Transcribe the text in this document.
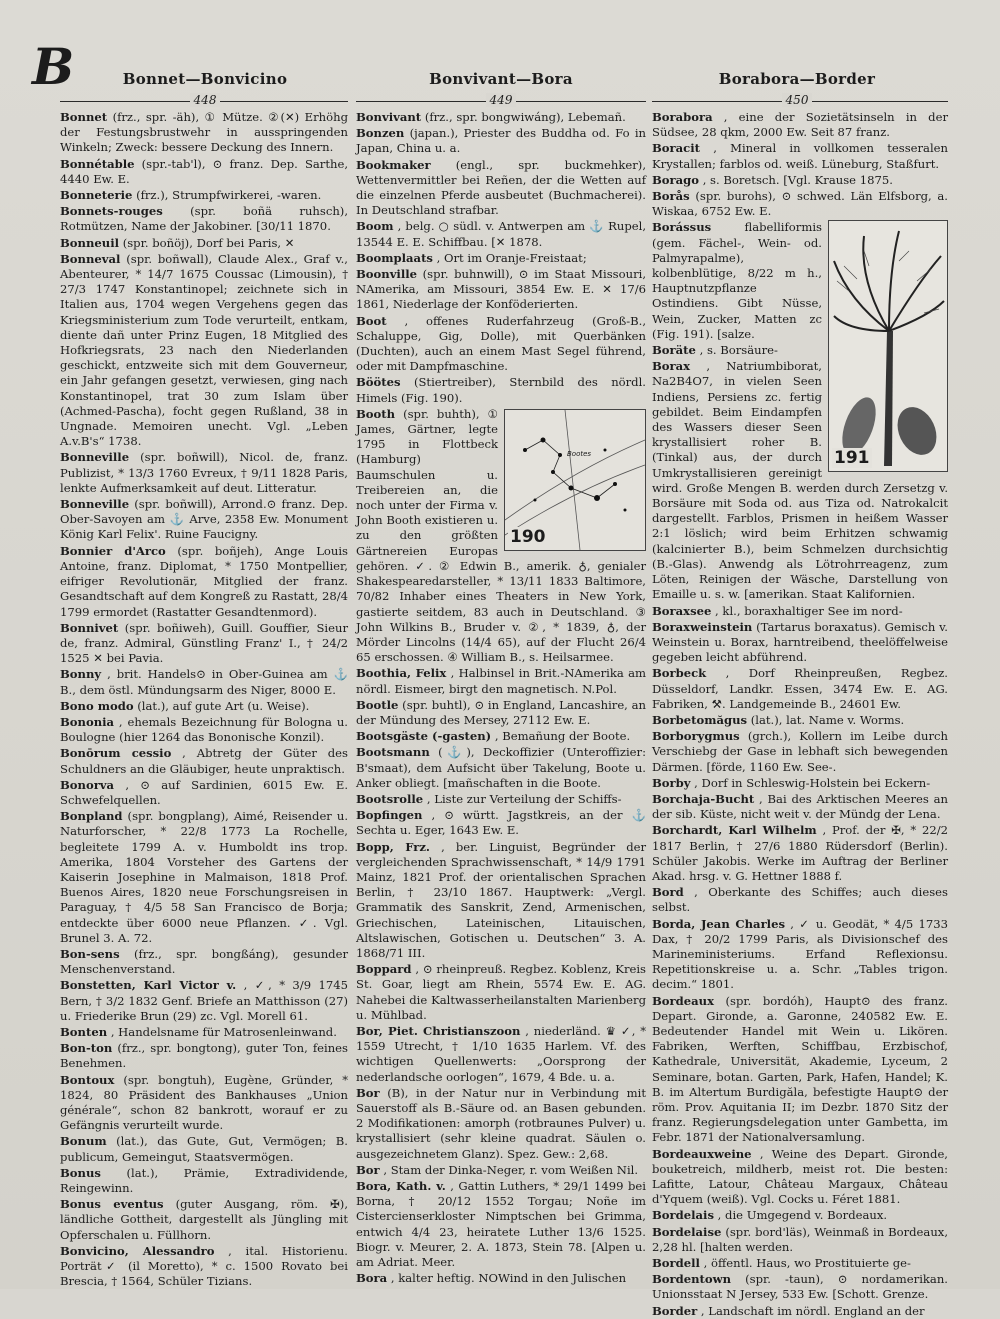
B	Bonnet—Bonvicino	Bonvivant—Bora	Borabora—Border
448	449	450

Bonnet (frz., spr. -äh), ① Mütze. ②(✕) Erhöhg der Festungsbrustwehr in ausspringenden Winkeln; Zweck: bessere Deckung des Innern.

Bonnétable (spr.-tab'l), ⊙ franz. Dep. Sarthe, 4440 Ew. E.

Bonneterie (frz.), Strumpfwirkerei, -waren.

Bonnets-rouges (spr. boñä ruhsch), Rotmützen, Name der Jakobiner. [30/11 1870.

Bonneuil (spr. boñöj), Dorf bei Paris, ✕

Bonneval (spr. boñwall), Claude Alex., Graf v., Abenteurer, * 14/7 1675 Coussac (Limousin), † 27/3 1747 Konstantinopel; zeichnete sich in Italien aus, 1704 wegen Vergehens gegen das Kriegsministerium zum Tode verurteilt, entkam, diente dañ unter Prinz Eugen, 18 Mitglied des Hofkriegsrats, 23 nach den Niederlanden geschickt, entzweite sich mit dem Gouverneur, ein Jahr gefangen gesetzt, verwiesen, ging nach Konstantinopel, trat 30 zum Islam über (Achmed-Pascha), focht gegen Rußland, 38 in Ungnade. Memoiren unecht. Vgl. „Leben A.v.B's“ 1738.

Bonneville (spr. boñwill), Nicol. de, franz. Publizist, * 13/3 1760 Evreux, † 9/11 1828 Paris, lenkte Aufmerksamkeit auf deut. Litteratur.

Bonneville (spr. boñwill), Arrond.⊙ franz. Dep. Ober-Savoyen am ⚓ Arve, 2358 Ew. Monument König Karl Felix'. Ruine Faucigny.

Bonnier d'Arco (spr. boñjeh), Ange Louis Antoine, franz. Diplomat, * 1750 Montpellier, eifriger Revolutionär, Mitglied der franz. Gesandtschaft auf dem Kongreß zu Rastatt, 28/4 1799 ermordet (Rastatter Gesandtenmord).

Bonnivet (spr. boñiweh), Guill. Gouffier, Sieur de, franz. Admiral, Günstling Franz' I., † 24/2 1525 ✕ bei Pavia.

Bonny , brit. Handels⊙ in Ober-Guinea am ⚓ B., dem östl. Mündungsarm des Niger, 8000 E.

Bono modo (lat.), auf gute Art (u. Weise).

Bononia , ehemals Bezeichnung für Bologna u. Boulogne (hier 1264 das Bononische Konzil).

Bonōrum cessio , Abtretg der Güter des Schuldners an die Gläubiger, heute unpraktisch.

Bonorva , ⊙ auf Sardinien, 6015 Ew. E. Schwefelquellen.

Bonpland (spr. bongplang), Aimé, Reisender u. Naturforscher, * 22/8 1773 La Rochelle, begleitete 1799 A. v. Humboldt ins trop. Amerika, 1804 Vorsteher des Gartens der Kaiserin Josephine in Malmaison, 1818 Prof. Buenos Aires, 1820 neue Forschungsreisen in Paraguay, † 4/5 58 San Francisco de Borja; entdeckte über 6000 neue Pflanzen. ✓. Vgl. Brunel 3. A. 72.

Bon-sens (frz., spr. bongßáng), gesunder Menschenverstand.

Bonstetten, Karl Victor v. , ✓, * 3/9 1745 Bern, † 3/2 1832 Genf. Briefe an Matthisson (27) u. Friederike Brun (29) zc. Vgl. Morell 61.

Bonten , Handelsname für Matrosenleinwand.

Bon-ton (frz., spr. bongtong), guter Ton, feines Benehmen.

Bontoux (spr. bongtuh), Eugène, Gründer, * 1824, 80 Präsident des Bankhauses „Union générale“, schon 82 bankrott, worauf er zu Gefängnis verurteilt wurde.

Bonum (lat.), das Gute, Gut, Vermögen; B. publicum, Gemeingut, Staatsvermögen.

Bonus (lat.), Prämie, Extradividende, Reingewinn.

Bonus eventus (guter Ausgang, röm. ✠), ländliche Gottheit, dargestellt als Jüngling mit Opferschalen u. Füllhorn.

Bonvicino, Alessandro , ital. Historienu. Porträt✓ (il Moretto), * c. 1500 Rovato bei Brescia, † 1564, Schüler Tizians.

Bonvivant (frz., spr. bongwiwáng), Lebemañ.

Bonzen (japan.), Priester des Buddha od. Fo in Japan, China u. a.

Bookmaker (engl., spr. buckmehker), Wettenvermittler bei Reñen, der die Wetten auf die einzelnen Pferde ausbeutet (Buchmacherei). In Deutschland strafbar.

Boom , belg. ○ südl. v. Antwerpen am ⚓ Rupel, 13544 E. E. Schiffbau. [✕ 1878.

Boomplaats , Ort im Oranje-Freistaat;

Boonville (spr. buhnwill), ⊙ im Staat Missouri, NAmerika, am Missouri, 3854 Ew. E. ✕ 17/6 1861, Niederlage der Konföderierten.

Boot , offenes Ruderfahrzeug (Groß-B., Schaluppe, Gig, Dolle), mit Querbänken (Duchten), auch an einem Mast Segel führend, oder mit Dampfmaschine.

Böötes (Stiertreiber), Sternbild des nördl. Himels (Fig. 190).

Bootes
190

Booth (spr. buhth), ① James, Gärtner, legte 1795 in Flottbeck (Hamburg) Baumschulen u. Treibereien an, die noch unter der Firma v. John Booth existieren u. zu den größten Gärtnereien Europas gehören. ✓. ② Edwin B., amerik. ♁, genialer Shakespearedarsteller, * 13/11 1833 Baltimore, 70/82 Inhaber eines Theaters in New York, gastierte seitdem, 83 auch in Deutschland. ③ John Wilkins B., Bruder v. ②, * 1839, ♁, der Mörder Lincolns (14/4 65), auf der Flucht 26/4 65 erschossen. ④ William B., s. Heilsarmee.

Boothia, Felix , Halbinsel in Brit.-NAmerika am nördl. Eismeer, birgt den magnetisch. N.Pol.

Bootle (spr. buhtl), ⊙ in England, Lancashire, an der Mündung des Mersey, 27112 Ew. E.

Bootsgäste (-gasten) , Bemañung der Boote.

Bootsmann (⚓), Deckoffizier (Unteroffizier: B'smaat), dem Aufsicht über Takelung, Boote u. Anker obliegt. [mañschaften in die Boote.

Bootsrolle , Liste zur Verteilung der Schiffs-

Bopfingen , ⊙ württ. Jagstkreis, an der ⚓ Sechta u. Eger, 1643 Ew. E.

Bopp, Frz. , ber. Linguist, Begründer der vergleichenden Sprachwissenschaft, * 14/9 1791 Mainz, 1821 Prof. der orientalischen Sprachen Berlin, † 23/10 1867. Hauptwerk: „Vergl. Grammatik des Sanskrit, Zend, Armenischen, Griechischen, Lateinischen, Litauischen, Altslawischen, Gotischen u. Deutschen“ 3. A. 1868/71 III.

Boppard , ⊙ rheinpreuß. Regbez. Koblenz, Kreis St. Goar, liegt am Rhein, 5574 Ew. E. AG. Nahebei die Kaltwasserheilanstalten Marienberg u. Mühlbad.

Bor, Piet. Christianszoon , niederländ. ♛ ✓, * 1559 Utrecht, † 1/10 1635 Harlem. Vf. des wichtigen Quellenwerts: „Oorsprong der nederlandsche oorlogen“, 1679, 4 Bde. u. a.

Bor (B), in der Natur nur in Verbindung mit Sauerstoff als B.-Säure od. an Basen gebunden. 2 Modifikationen: amorph (rotbraunes Pulver) u. krystallisiert (sehr kleine quadrat. Säulen o. ausgezeichnetem Glanz). Spez. Gew.: 2,68.

Bor , Stam der Dinka-Neger, r. vom Weißen Nil.

Bora, Kath. v. , Gattin Luthers, * 29/1 1499 bei Borna, † 20/12 1552 Torgau; Noñe im Cistercienserkloster Nimptschen bei Grimma, entwich 4/4 23, heiratete Luther 13/6 1525. Biogr. v. Meurer, 2. A. 1873, Stein 78. [Alpen u. am Adriat. Meer.

Bora , kalter heftig. NOWind in den Julischen

Borabora , eine der Sozietätsinseln in der Südsee, 28 qkm, 2000 Ew. Seit 87 franz.

Boracit , Mineral in vollkomen tesseralen Krystallen; farblos od. weiß. Lüneburg, Staßfurt.

Borago , s. Boretsch. [Vgl. Krause 1875.

Borås (spr. burohs), ⊙ schwed. Län Elfsborg, a. Wiskaa, 6752 Ew. E.

191

Borássus	flabelliformis (gem. Fächel-, Wein- od. Palmyrapalme), kolbenblütige, 8/22 m h., Hauptnutzpflanze Ostindiens. Gibt Nüsse, Wein, Zucker, Matten zc (Fig. 191). [salze.

Boräte , s. Borsäure-

Borax , Natriumbiborat, Na2B4O7, in vielen Seen Indiens, Persiens zc. fertig gebildet. Beim Eindampfen des Wassers dieser Seen krystallisiert roher B. (Tinkal) aus, der durch Umkrystallisieren gereinigt wird. Große Mengen B. werden durch Zersetzg v. Borsäure mit Soda od. aus Tiza od. Natrokalcit dargestellt. Farblos, Prismen in heißem Wasser 2:1 löslich; wird beim Erhitzen schwamig (kalcinierter B.), beim Schmelzen durchsichtig (B.-Glas). Anwendg als Lötrohrreagenz, zum Löten, Reinigen der Wäsche, Darstellung von Emaille u. s. w. [amerikan. Staat Kalifornien.

Boraxsee , kl., boraxhaltiger See im nord-

Boraxweinstein (Tartarus boraxatus). Gemisch v. Weinstein u. Borax, harntreibend, theelöffelweise gegeben leicht abführend.

Borbeck , Dorf Rheinpreußen, Regbez. Düsseldorf, Landkr. Essen, 3474 Ew. E. AG. Fabriken, ⚒. Landgemeinde B., 24601 Ew.

Borbetomăgus (lat.), lat. Name v. Worms.

Borborygmus (grch.), Kollern im Leibe durch Verschiebg der Gase in lebhaft sich bewegenden Därmen. [förde, 1160 Ew. See-.

Borby , Dorf in Schleswig-Holstein bei Eckern-

Borchaja-Bucht , Bai des Arktischen Meeres an der sib. Küste, nicht weit v. der Mündg der Lena.

Borchardt, Karl Wilhelm , Prof. der ✠, * 22/2 1817 Berlin, † 27/6 1880 Rüdersdorf (Berlin). Schüler Jakobis. Werke im Auftrag der Berliner Akad. hrsg. v. G. Hettner 1888 f.

Bord , Oberkante des Schiffes; auch dieses selbst.

Borda, Jean Charles , ✓ u. Geodät, * 4/5 1733 Dax, † 20/2 1799 Paris, als Divisionschef des Marineministeriums. Erfand Reflexionsu. Repetitionskreise u. a. Schr. „Tables trigon. decim.“ 1801.

Bordeaux (spr. bordóh), Haupt⊙ des franz. Depart. Gironde, a. Garonne, 240582 Ew. E. Bedeutender Handel mit Wein u. Likören. Fabriken, Werften, Schiffbau, Erzbischof, Kathedrale, Universität, Akademie, Lyceum, 2 Seminare, botan. Garten, Park, Hafen, Handel; K. B. im Altertum Burdigăla, befestigte Haupt⊙ der röm. Prov. Aquitania II; im Dezbr. 1870 Sitz der franz. Regierungsdelegation unter Gambetta, im Febr. 1871 der Nationalversamlung.

Bordeauxweine , Weine des Depart. Gironde, bouketreich, mildherb, meist rot. Die besten: Lafitte, Latour, Château Margaux, Château d'Yquem (weiß). Vgl. Cocks u. Féret 1881.

Bordelais , die Umgegend v. Bordeaux.

Bordelaise (spr. bord'läs), Weinmaß in Bordeaux, 2,28 hl. [halten werden.

Bordell , öffentl. Haus, wo Prostituierte ge-

Bordentown (spr. -taun), ⊙ nordamerikan. Unionsstaat N Jersey, 533 Ew. [Schott. Grenze.

Border , Landschaft im nördl. England an der
